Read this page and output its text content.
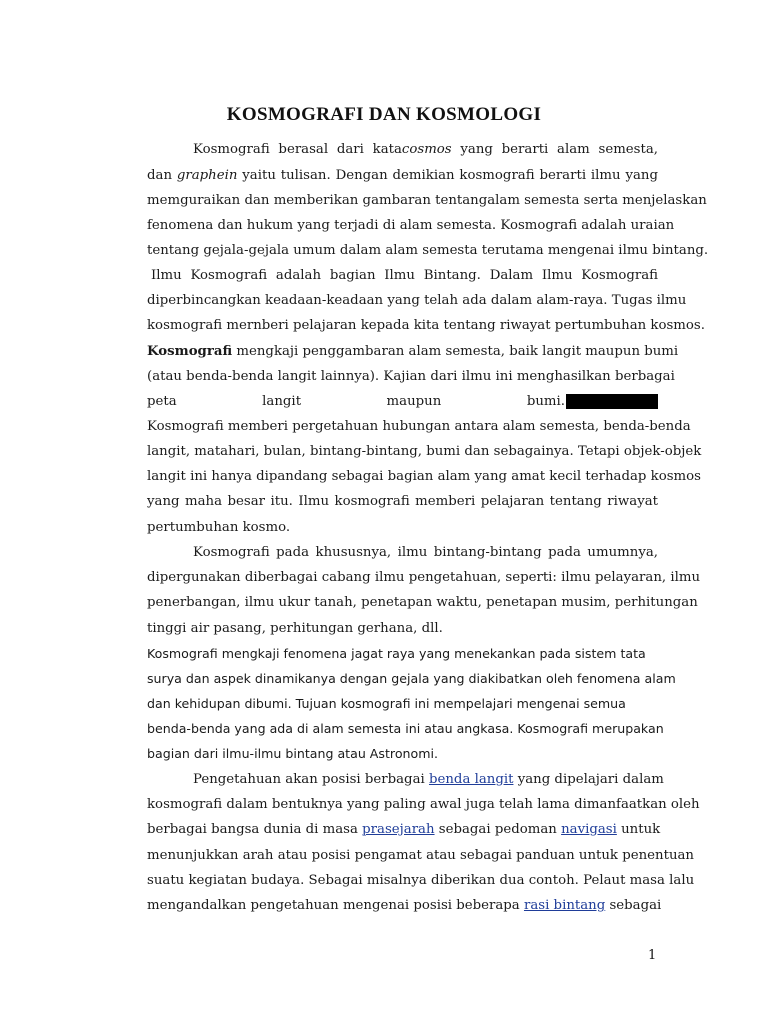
KOSMOGRAFI DAN KOSMOLOGI
Kosmografi berasal dari katacosmos yang berarti alam semesta,
dan graphein yaitu tulisan. Dengan demikian kosmografi berarti ilmu yang
memguraikan dan memberikan gambaran tentangalam semesta serta menjelaskan
fenomena dan hukum yang terjadi di alam semesta. Kosmografi adalah uraian
tentang gejala-gejala umum dalam alam semesta terutama mengenai ilmu bintang.
Ilmu Kosmografi adalah bagian Ilmu Bintang. Dalam Ilmu Kosmografi
diperbincangkan keadaan-keadaan yang telah ada dalam alam-raya. Tugas ilmu
kosmografi mernberi pelajaran kepada kita tentang riwayat pertumbuhan kosmos.
Kosmografi mengkaji penggambaran alam semesta, baik langit maupun bumi
(atau benda-benda langit lainnya). Kajian dari ilmu ini menghasilkan berbagai
peta langit maupun bumi.
Kosmografi memberi pergetahuan hubungan antara alam semesta, benda-benda
langit, matahari, bulan, bintang-bintang, bumi dan sebagainya. Tetapi objek-objek
langit ini hanya dipandang sebagai bagian alam yang amat kecil terhadap kosmos
yang maha besar itu. Ilmu kosmografi memberi pelajaran tentang riwayat
pertumbuhan kosmo.
Kosmografi pada khususnya, ilmu bintang-bintang pada umumnya,
dipergunakan diberbagai cabang ilmu pengetahuan, seperti: ilmu pelayaran, ilmu
penerbangan, ilmu ukur tanah, penetapan waktu, penetapan musim, perhitungan
tinggi air pasang, perhitungan gerhana, dll.
Kosmografi mengkaji fenomena jagat raya yang menekankan pada sistem tata
surya dan aspek dinamikanya dengan gejala yang diakibatkan oleh fenomena alam
dan kehidupan dibumi. Tujuan kosmografi ini mempelajari mengenai semua
benda-benda yang ada di alam semesta ini atau angkasa. Kosmografi merupakan
bagian dari ilmu-ilmu bintang atau Astronomi.
Pengetahuan akan posisi berbagai benda langit yang dipelajari dalam
kosmografi dalam bentuknya yang paling awal juga telah lama dimanfaatkan oleh
berbagai bangsa dunia di masa prasejarah sebagai pedoman navigasi untuk
menunjukkan arah atau posisi pengamat atau sebagai panduan untuk penentuan
suatu kegiatan budaya. Sebagai misalnya diberikan dua contoh. Pelaut masa lalu
mengandalkan pengetahuan mengenai posisi beberapa rasi bintang sebagai
1
